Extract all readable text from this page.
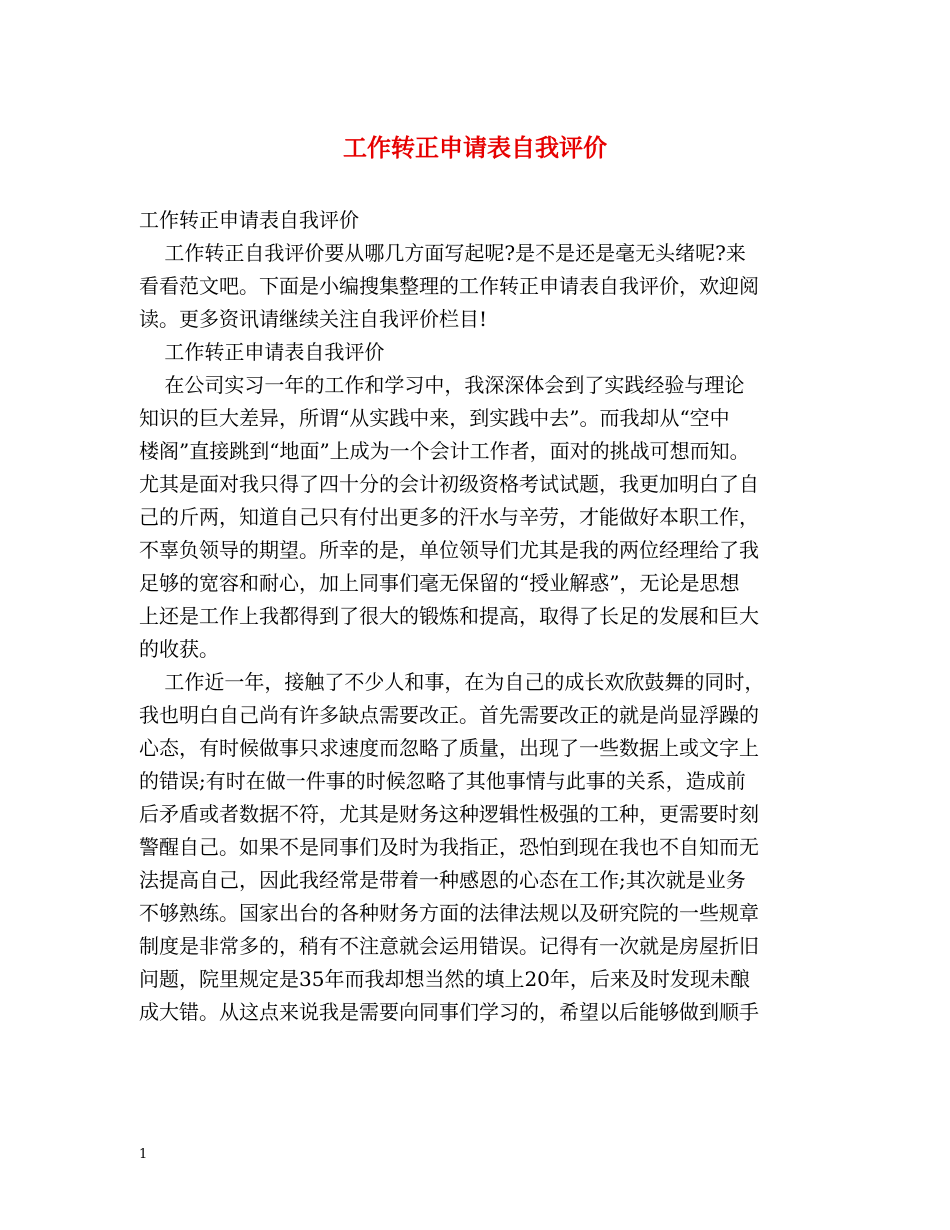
工作转正申请表自我评价
工作转正申请表自我评价
工作转正自我评价要从哪几方面写起呢?是不是还是毫无头绪呢?来
看看范文吧。下面是小编搜集整理的工作转正申请表自我评价，欢迎阅
读。更多资讯请继续关注自我评价栏目!
工作转正申请表自我评价
在公司实习一年的工作和学习中，我深深体会到了实践经验与理论
知识的巨大差异，所谓“从实践中来，到实践中去”。而我却从“空中
楼阁”直接跳到“地面”上成为一个会计工作者，面对的挑战可想而知。
尤其是面对我只得了四十分的会计初级资格考试试题，我更加明白了自
己的斤两，知道自己只有付出更多的汗水与辛劳，才能做好本职工作，
不辜负领导的期望。所幸的是，单位领导们尤其是我的两位经理给了我
足够的宽容和耐心，加上同事们毫无保留的“授业解惑”，无论是思想
上还是工作上我都得到了很大的锻炼和提高，取得了长足的发展和巨大
的收获。
工作近一年，接触了不少人和事，在为自己的成长欢欣鼓舞的同时，
我也明白自己尚有许多缺点需要改正。首先需要改正的就是尚显浮躁的
心态，有时候做事只求速度而忽略了质量，出现了一些数据上或文字上
的错误;有时在做一件事的时候忽略了其他事情与此事的关系，造成前
后矛盾或者数据不符，尤其是财务这种逻辑性极强的工种，更需要时刻
警醒自己。如果不是同事们及时为我指正，恐怕到现在我也不自知而无
法提高自己，因此我经常是带着一种感恩的心态在工作;其次就是业务
不够熟练。国家出台的各种财务方面的法律法规以及研究院的一些规章
制度是非常多的，稍有不注意就会运用错误。记得有一次就是房屋折旧
问题，院里规定是35年而我却想当然的填上20年，后来及时发现未酿
成大错。从这点来说我是需要向同事们学习的，希望以后能够做到顺手
1
